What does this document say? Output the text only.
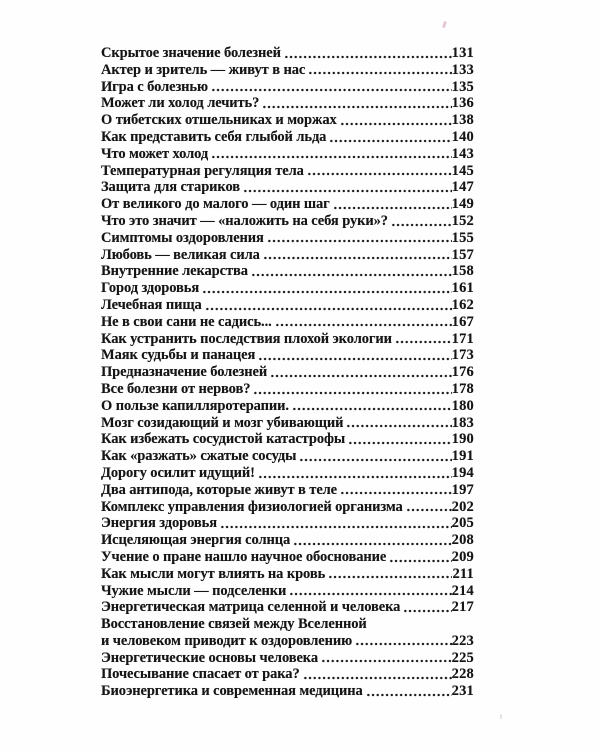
Скрытое значение болезней	131
Актер и зритель — живут в нас	133
Игра с болезнью	135
Может ли холод лечить?	136
О тибетских отшельниках и моржах	138
Как представить себя глыбой льда	140
Что может холод	143
Температурная регуляция тела	145
Защита для стариков	147
От великого до малого — один шаг	149
Что это значит — «наложить на себя руки»?	152
Симптомы оздоровления	155
Любовь — великая сила	157
Внутренние лекарства	158
Город здоровья	161
Лечебная пища	162
Не в свои сани не садись...	167
Как устранить последствия плохой экологии	171
Маяк судьбы и панацея	173
Предназначение болезней	176
Все болезни от нервов?	178
О пользе капилляротерапии.	180
Мозг созидающий и мозг убивающий	183
Как избежать сосудистой катастрофы	190
Как «разжать» сжатые сосуды	191
Дорогу осилит идущий!	194
Два антипода, которые живут в теле	197
Комплекс управления физиологией организма	202
Энергия здоровья	205
Исцеляющая энергия солнца	208
Учение о пране нашло научное обоснование	209
Как мысли могут влиять на кровь	211
Чужие мысли — подселенки	214
Энергетическая матрица селенной и человека	217
Восстановление связей между Вселенной
и человеком приводит к оздоровлению	223
Энергетические основы человека	225
Почесывание спасает от рака?	228
Биоэнергетика и современная медицина	231
